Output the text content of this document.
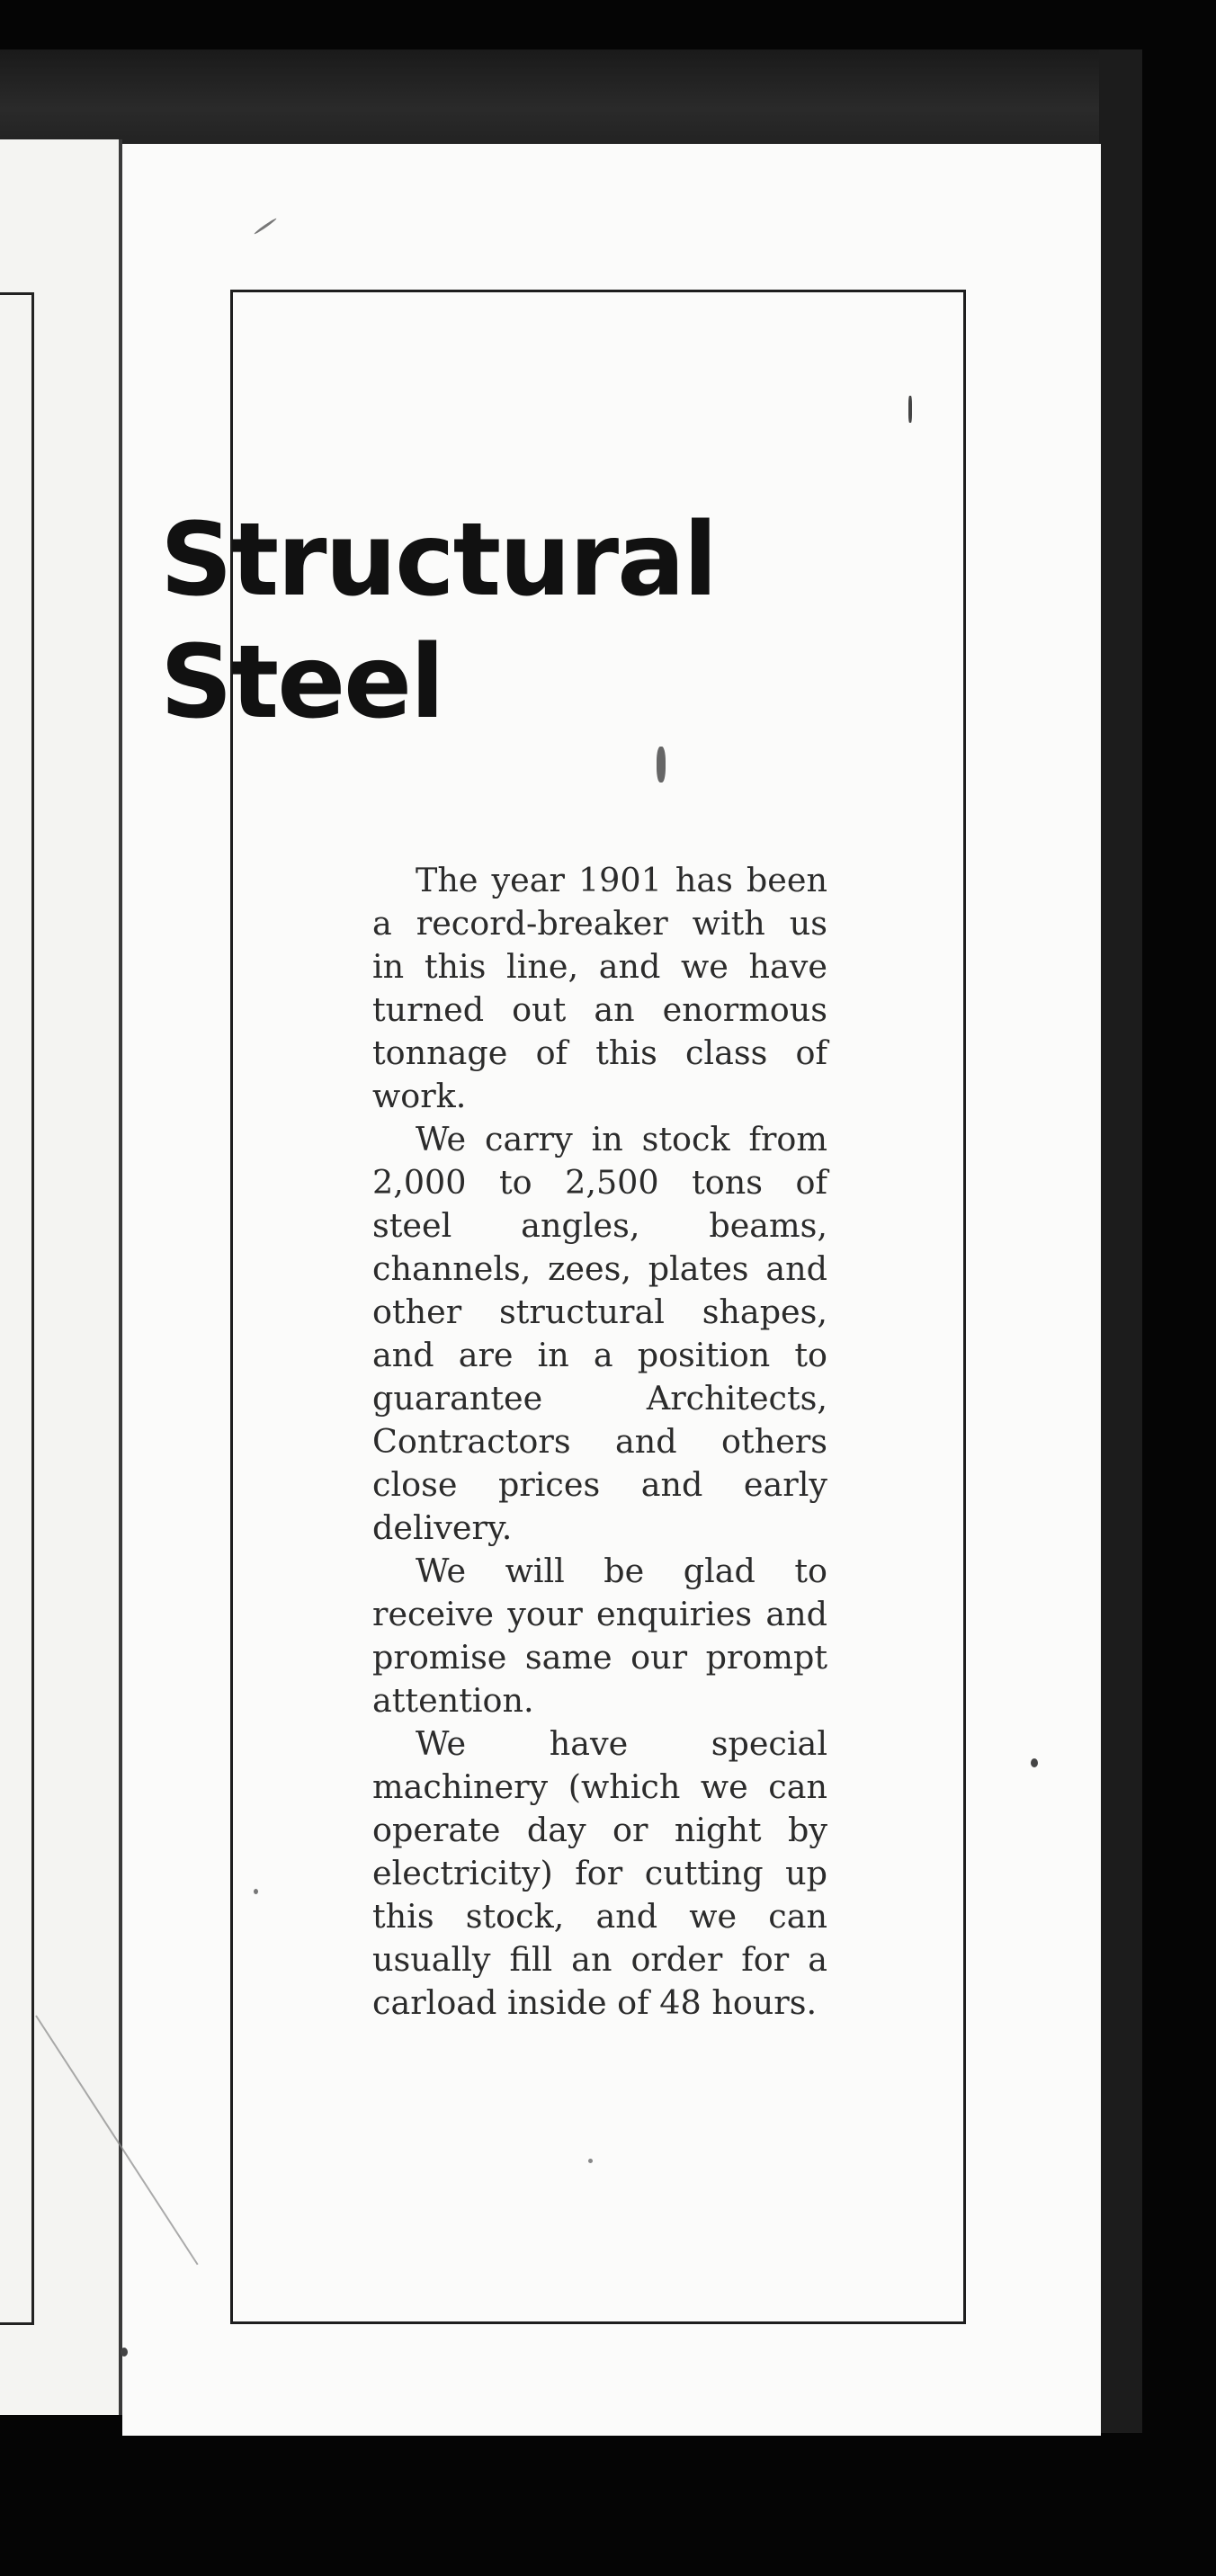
Structural
Steel

The year 1901 has been a record-breaker with us in this line, and we have turned out an enormous tonnage of this class of work.

We carry in stock from 2,000 to 2,500 tons of steel angles, beams, channels, zees, plates and other structural shapes, and are in a position to guarantee Architects, Contractors and others close prices and early delivery.

We will be glad to receive your enquiries and promise same our prompt attention.

We have special machinery (which we can operate day or night by electricity) for cutting up this stock, and we can usually fill an order for a carload inside of 48 hours.
